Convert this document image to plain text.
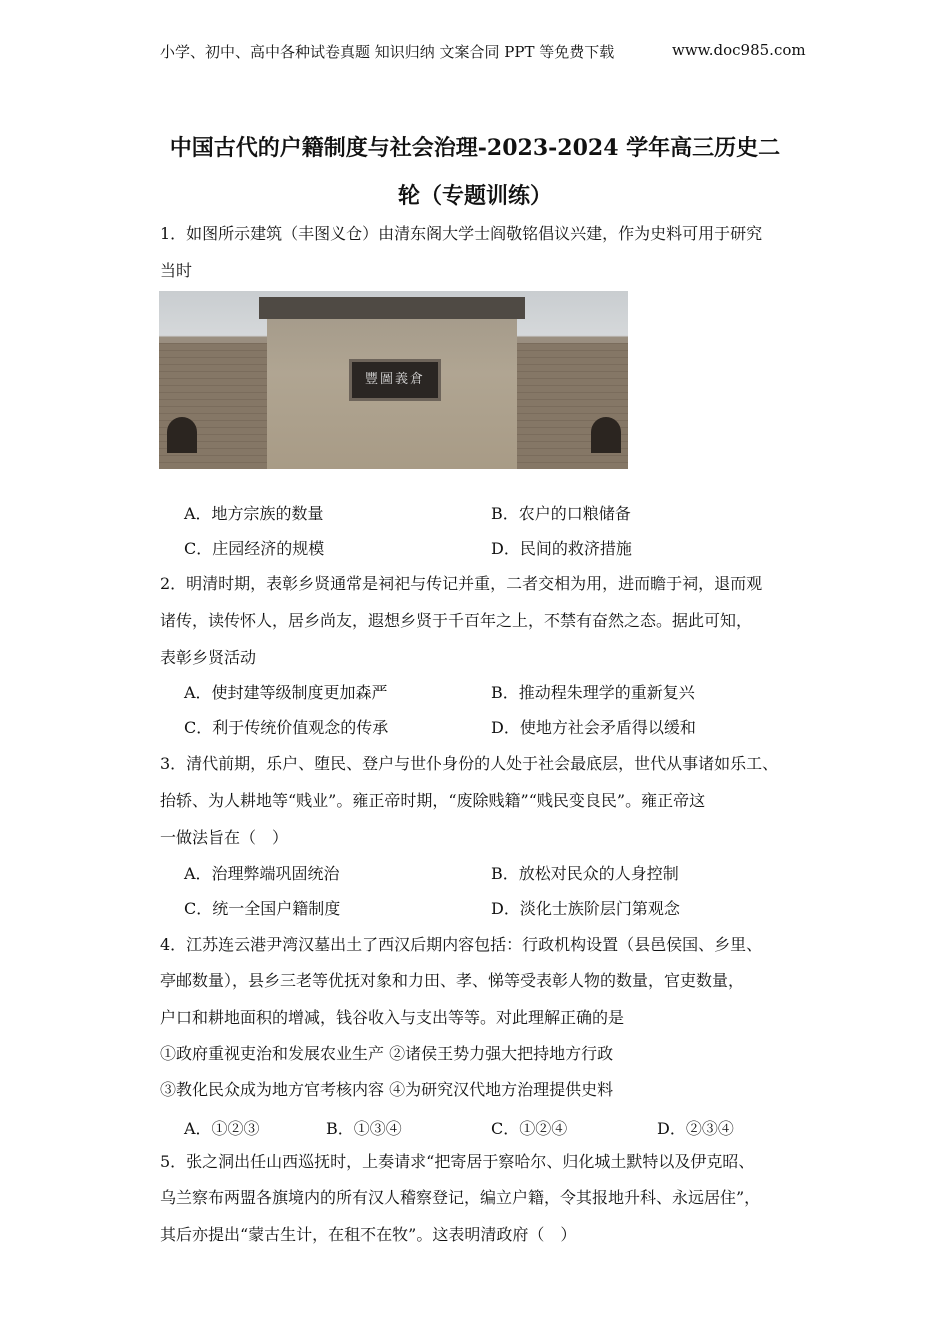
小学、初中、高中各种试卷真题 知识归纳 文案合同 PPT 等免费下载	www.doc985.com
中国古代的户籍制度与社会治理-2023-2024 学年高三历史二
轮（专题训练）
1．如图所示建筑（丰图义仓）由清东阁大学士阎敬铭倡议兴建，作为史料可用于研究
当时
豐圖義倉
A．地方宗族的数量	B．农户的口粮储备
C．庄园经济的规模	D．民间的救济措施
2．明清时期，表彰乡贤通常是祠祀与传记并重，二者交相为用，进而瞻于祠，退而观
诸传，读传怀人，居乡尚友，遐想乡贤于千百年之上，不禁有奋然之态。据此可知，
表彰乡贤活动
A．使封建等级制度更加森严	B．推动程朱理学的重新复兴
C．利于传统价值观念的传承	D．使地方社会矛盾得以缓和
3．清代前期，乐户、堕民、登户与世仆身份的人处于社会最底层，世代从事诸如乐工、
抬轿、为人耕地等“贱业”。雍正帝时期，“废除贱籍”“贱民变良民”。雍正帝这
一做法旨在（　）
A．治理弊端巩固统治	B．放松对民众的人身控制
C．统一全国户籍制度	D．淡化士族阶层门第观念
4．江苏连云港尹湾汉墓出土了西汉后期内容包括：行政机构设置（县邑侯国、乡里、
亭邮数量），县乡三老等优抚对象和力田、孝、悌等受表彰人物的数量，官吏数量，
户口和耕地面积的增减，钱谷收入与支出等等。对此理解正确的是
①政府重视吏治和发展农业生产 ②诸侯王势力强大把持地方行政
③教化民众成为地方官考核内容 ④为研究汉代地方治理提供史料
A．①②③	B．①③④	C．①②④	D．②③④
5．张之洞出任山西巡抚时，上奏请求“把寄居于察哈尔、归化城土默特以及伊克昭、
乌兰察布两盟各旗境内的所有汉人稽察登记，编立户籍，令其报地升科、永远居住”，
其后亦提出“蒙古生计，在租不在牧”。这表明清政府（　）
